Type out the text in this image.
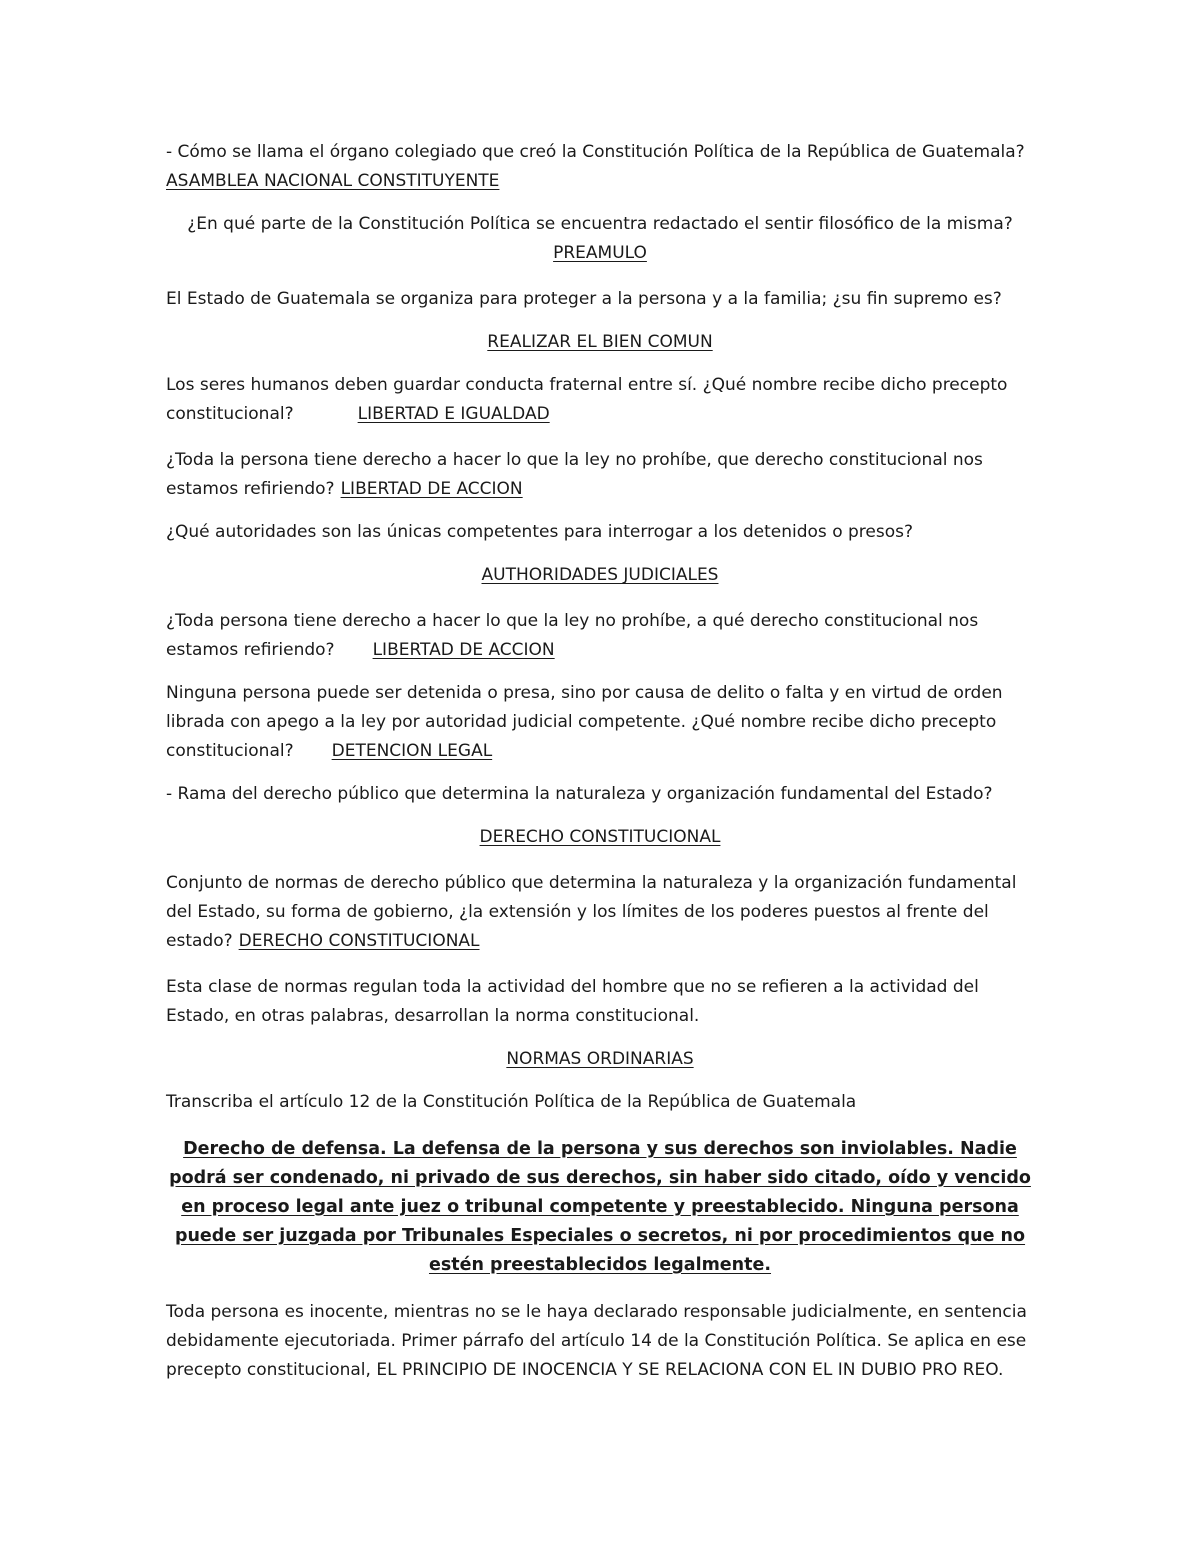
- Cómo se llama el órgano colegiado que creó la Constitución Política de la República de Guatemala?ASAMBLEA NACIONAL CONSTITUYENTE

¿En qué parte de la Constitución Política se encuentra redactado el sentir filosófico de la misma?

PREAMULO

El Estado de Guatemala se organiza para proteger a la persona y a la familia; ¿su fin supremo es?

REALIZAR EL BIEN COMUN

Los seres humanos deben guardar conducta fraternal entre sí. ¿Qué nombre recibe dicho precepto constitucional?	LIBERTAD E IGUALDAD

¿Toda la persona tiene derecho a hacer lo que la ley no prohíbe, que derecho constitucional nos estamos refiriendo? LIBERTAD DE ACCION

¿Qué autoridades son las únicas competentes para interrogar a los detenidos o presos?

AUTHORIDADES JUDICIALES

¿Toda persona tiene derecho a hacer lo que la ley no prohíbe, a qué derecho constitucional nos estamos refiriendo? LIBERTAD DE ACCION

Ninguna persona puede ser detenida o presa, sino por causa de delito o falta y en virtud de orden librada con apego a la ley por autoridad judicial competente. ¿Qué nombre recibe dicho precepto constitucional? DETENCION LEGAL

- Rama del derecho público que determina la naturaleza y organización fundamental del Estado?

DERECHO CONSTITUCIONAL

Conjunto de normas de derecho público que determina la naturaleza y la organización fundamental del Estado, su forma de gobierno, ¿la extensión y los límites de los poderes puestos al frente del estado? DERECHO CONSTITUCIONAL

Esta clase de normas regulan toda la actividad del hombre que no se refieren a la actividad del Estado, en otras palabras, desarrollan la norma constitucional.

NORMAS ORDINARIAS

Transcriba el artículo 12 de la Constitución Política de la República de Guatemala

Derecho de defensa. La defensa de la persona y sus derechos son inviolables. Nadie podrá ser condenado, ni privado de sus derechos, sin haber sido citado, oído y vencido en proceso legal ante juez o tribunal competente y preestablecido. Ninguna persona puede ser juzgada por Tribunales Especiales o secretos, ni por procedimientos que no estén preestablecidos legalmente.

Toda persona es inocente, mientras no se le haya declarado responsable judicialmente, en sentencia debidamente ejecutoriada. Primer párrafo del artículo 14 de la Constitución Política. Se aplica en ese precepto constitucional, EL PRINCIPIO DE INOCENCIA Y SE RELACIONA CON EL IN DUBIO PRO REO.
